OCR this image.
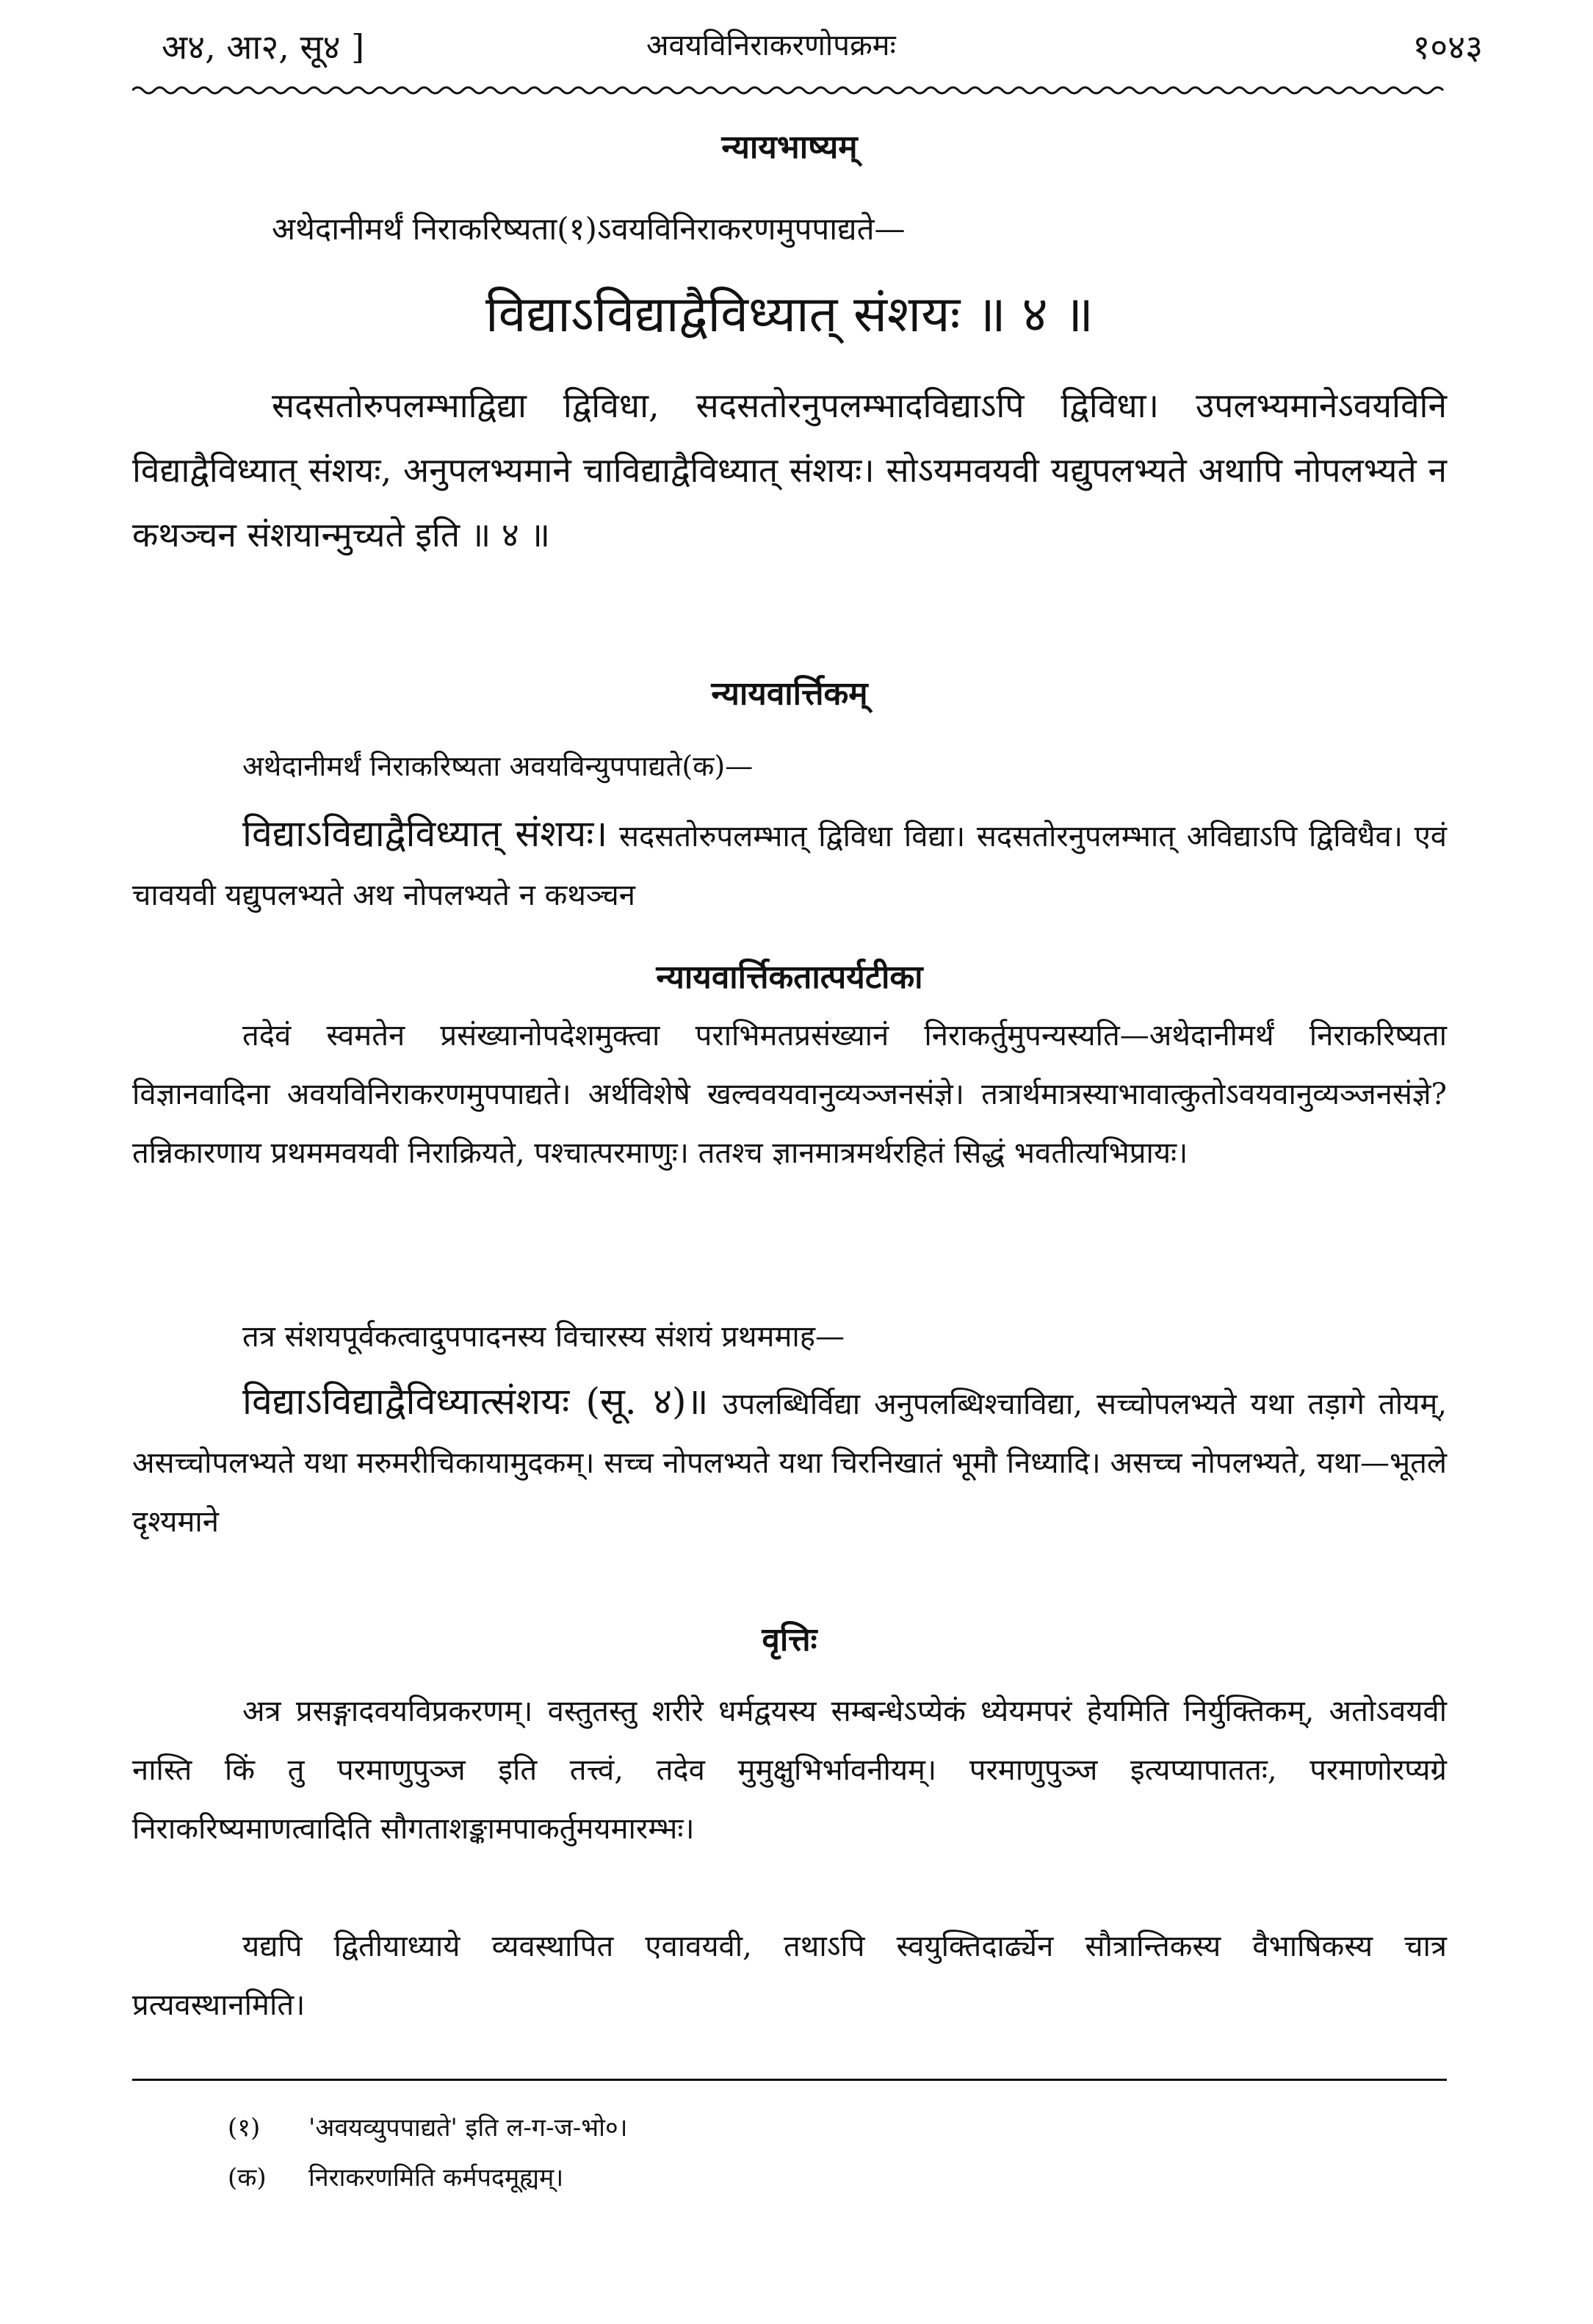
अ४, आ२, सू४ ]	अवयविनिराकरणोपक्रमः	१०४३
न्यायभाष्यम्
अथेदानीमर्थं निराकरिष्यता(१)ऽवयविनिराकरणमुपपाद्यते—
विद्याऽविद्याद्वैविध्यात् संशयः ॥ ४ ॥

सदसतोरुपलम्भाद्विद्या द्विविधा, सदसतोरनुपलम्भादविद्याऽपि द्विविधा। उपलभ्यमानेऽवयविनि विद्याद्वैविध्यात् संशयः, अनुपलभ्यमाने चाविद्याद्वैविध्यात् संशयः। सोऽयमवयवी यद्युपलभ्यते अथापि नोपलभ्यते न कथञ्चन संशयान्मुच्यते इति ॥ ४ ॥

न्यायवार्त्तिकम्
अथेदानीमर्थं निराकरिष्यता अवयविन्युपपाद्यते(क)—

विद्याऽविद्याद्वैविध्यात् संशयः। सदसतोरुपलम्भात् द्विविधा विद्या। सदसतोरनुपलम्भात् अविद्याऽपि द्विविधैव। एवं चावयवी यद्युपलभ्यते अथ नोपलभ्यते न कथञ्चन

न्यायवार्त्तिकतात्पर्यटीका

तदेवं स्वमतेन प्रसंख्यानोपदेशमुक्त्वा पराभिमतप्रसंख्यानं निराकर्तुमुपन्यस्यति—अथेदानीमर्थं निराकरिष्यता विज्ञानवादिना अवयविनिराकरणमुपपाद्यते। अर्थविशेषे खल्ववयवानुव्यञ्जनसंज्ञे। तत्रार्थमात्रस्याभावात्कुतोऽवयवानुव्यञ्जनसंज्ञे? तन्निकारणाय प्रथममवयवी निराक्रियते, पश्चात्परमाणुः। ततश्च ज्ञानमात्रमर्थरहितं सिद्धं भवतीत्यभिप्रायः।

तत्र संशयपूर्वकत्वादुपपादनस्य विचारस्य संशयं प्रथममाह—

विद्याऽविद्याद्वैविध्यात्संशयः (सू. ४)॥ उपलब्धिर्विद्या अनुपलब्धिश्चाविद्या, सच्चोपलभ्यते यथा तड़ागे तोयम्, असच्चोपलभ्यते यथा मरुमरीचिकायामुदकम्। सच्च नोपलभ्यते यथा चिरनिखातं भूमौ निध्यादि। असच्च नोपलभ्यते, यथा—भूतले दृश्यमाने

वृत्तिः

अत्र प्रसङ्गादवयविप्रकरणम्। वस्तुतस्तु शरीरे धर्मद्वयस्य सम्बन्धेऽप्येकं ध्येयमपरं हेयमिति निर्युक्तिकम्, अतोऽवयवी नास्ति किं तु परमाणुपुञ्ज इति तत्त्वं, तदेव मुमुक्षुभिर्भावनीयम्। परमाणुपुञ्ज इत्यप्यापाततः, परमाणोरप्यग्रे निराकरिष्यमाणत्वादिति सौगताशङ्कामपाकर्तुमयमारम्भः।

यद्यपि द्वितीयाध्याये व्यवस्थापित एवावयवी, तथाऽपि स्वयुक्तिदार्ढ्येन सौत्रान्तिकस्य वैभाषिकस्य चात्र प्रत्यवस्थानमिति।

(१) 'अवयव्युपपाद्यते' इति ल-ग-ज-भो०।
(क) निराकरणमिति कर्मपदमूह्यम्।
